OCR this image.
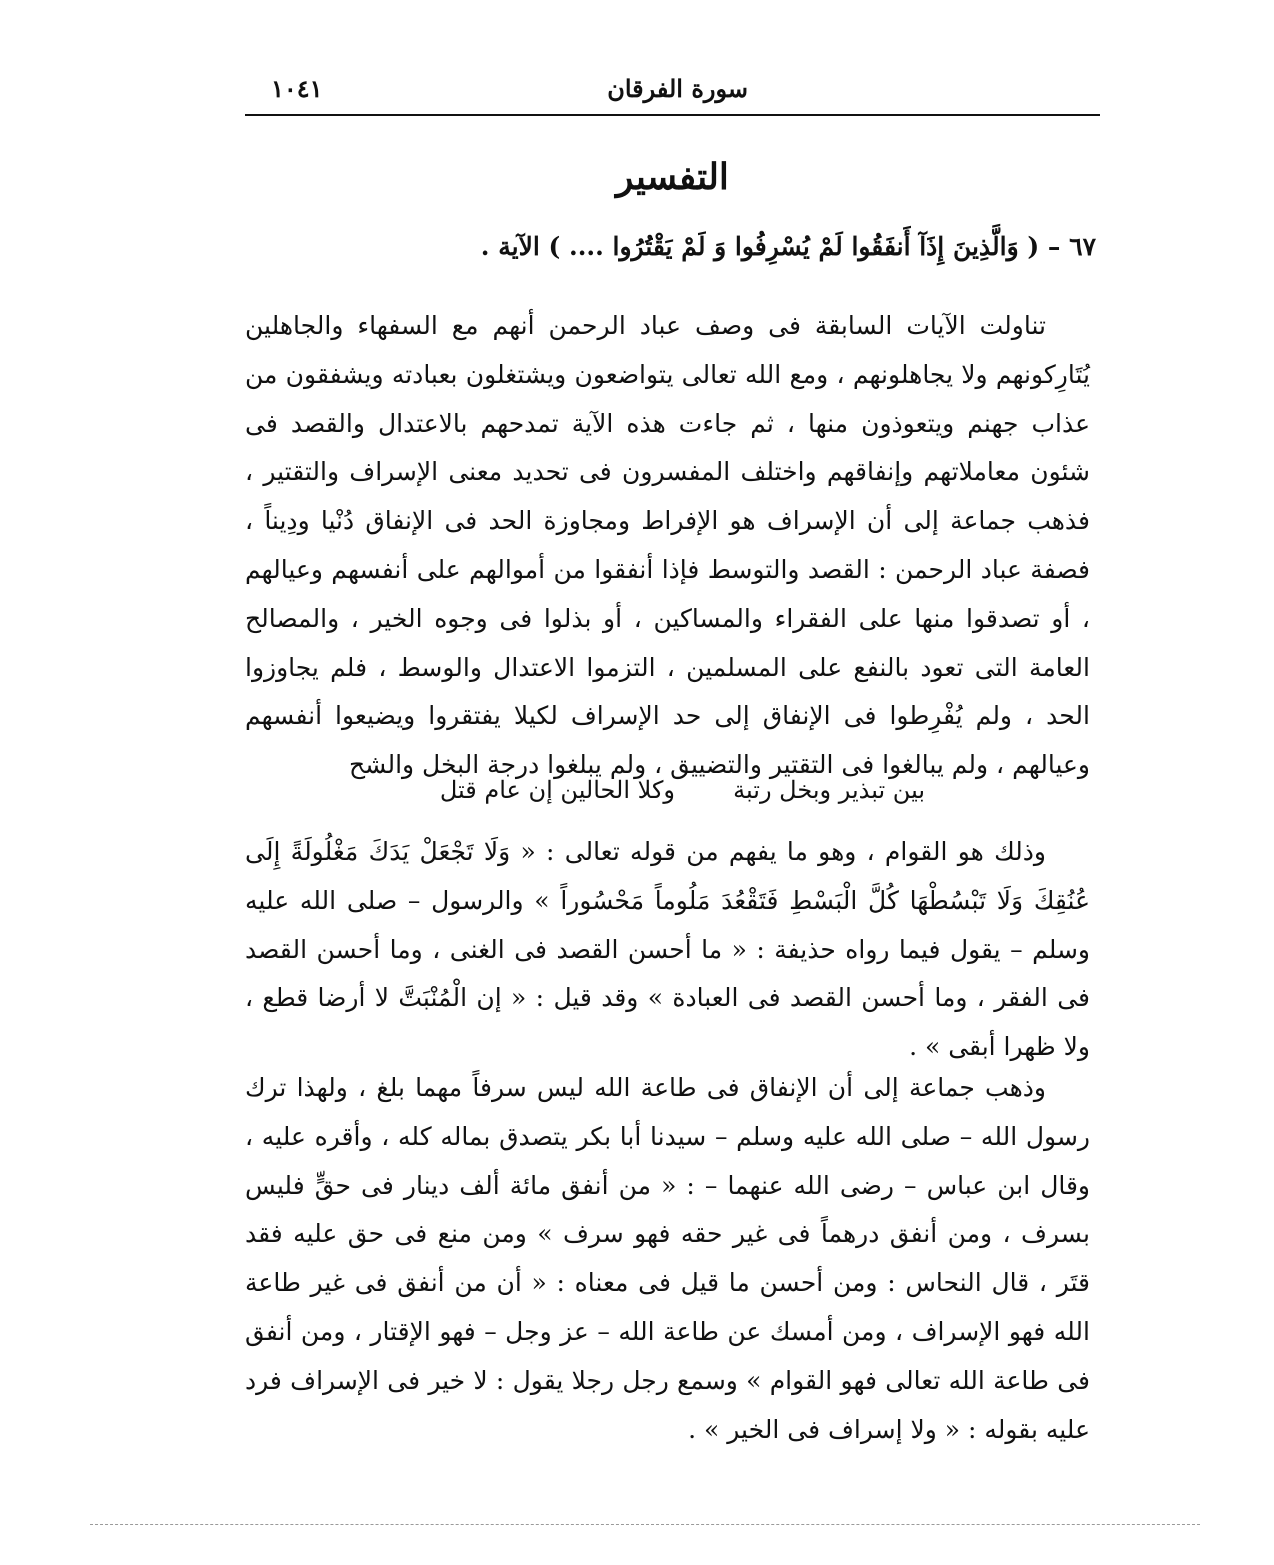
سورة الفرقان
١٠٤١
التفسير
٦٧ – ( وَالَّذِينَ إِذَآ أَنفَقُوا لَمْ يُسْرِفُوا وَ لَمْ يَقْتُرُوا .... ) الآية .

تناولت الآيات السابقة فى وصف عباد الرحمن أنهم مع السفهاء والجاهلين يُتَارِكونهم ولا يجاهلونهم ، ومع الله تعالى يتواضعون ويشتغلون بعبادته ويشفقون من عذاب جهنم ويتعوذون منها ، ثم جاءت هذه الآية تمدحهم بالاعتدال والقصد فى شئون معاملاتهم وإنفاقهم واختلف المفسرون فى تحديد معنى الإسراف والتقتير ، فذهب جماعة إلى أن الإسراف هو الإفراط ومجاوزة الحد فى الإنفاق دُنْيا ودِيناً ، فصفة عباد الرحمن : القصد والتوسط فإذا أنفقوا من أموالهم على أنفسهم وعيالهم ، أو تصدقوا منها على الفقراء والمساكين ، أو بذلوا فى وجوه الخير ، والمصالح العامة التى تعود بالنفع على المسلمين ، التزموا الاعتدال والوسط ، فلم يجاوزوا الحد ، ولم يُفْرِطوا فى الإنفاق إلى حد الإسراف لكيلا يفتقروا ويضيعوا أنفسهم وعيالهم ، ولم يبالغوا فى التقتير والتضييق ، ولم يبلغوا درجة البخل والشح

بين تبذير وبخل رتبة
وكلا الحالين إن عام قتل

وذلك هو القوام ، وهو ما يفهم من قوله تعالى : « وَلَا تَجْعَلْ يَدَكَ مَغْلُولَةً إِلَى عُنُقِكَ وَلَا تَبْسُطْهَا كُلَّ الْبَسْطِ فَتَقْعُدَ مَلُوماً مَحْسُوراً » والرسول – صلى الله عليه وسلم – يقول فيما رواه حذيفة : « ما أحسن القصد فى الغنى ، وما أحسن القصد فى الفقر ، وما أحسن القصد فى العبادة » وقد قيل : « إن الْمُنْبَتَّ لا أرضا قطع ، ولا ظهرا أبقى » .

وذهب جماعة إلى أن الإنفاق فى طاعة الله ليس سرفاً مهما بلغ ، ولهذا ترك رسول الله – صلى الله عليه وسلم – سيدنا أبا بكر يتصدق بماله كله ، وأقره عليه ، وقال ابن عباس – رضى الله عنهما – : « من أنفق مائة ألف دينار فى حقٍّ فليس بسرف ، ومن أنفق درهماً فى غير حقه فهو سرف » ومن منع فى حق عليه فقد قتَر ، قال النحاس : ومن أحسن ما قيل فى معناه : « أن من أنفق فى غير طاعة الله فهو الإسراف ، ومن أمسك عن طاعة الله – عز وجل – فهو الإقتار ، ومن أنفق فى طاعة الله تعالى فهو القوام » وسمع رجل رجلا يقول : لا خير فى الإسراف فرد عليه بقوله : « ولا إسراف فى الخير » .
